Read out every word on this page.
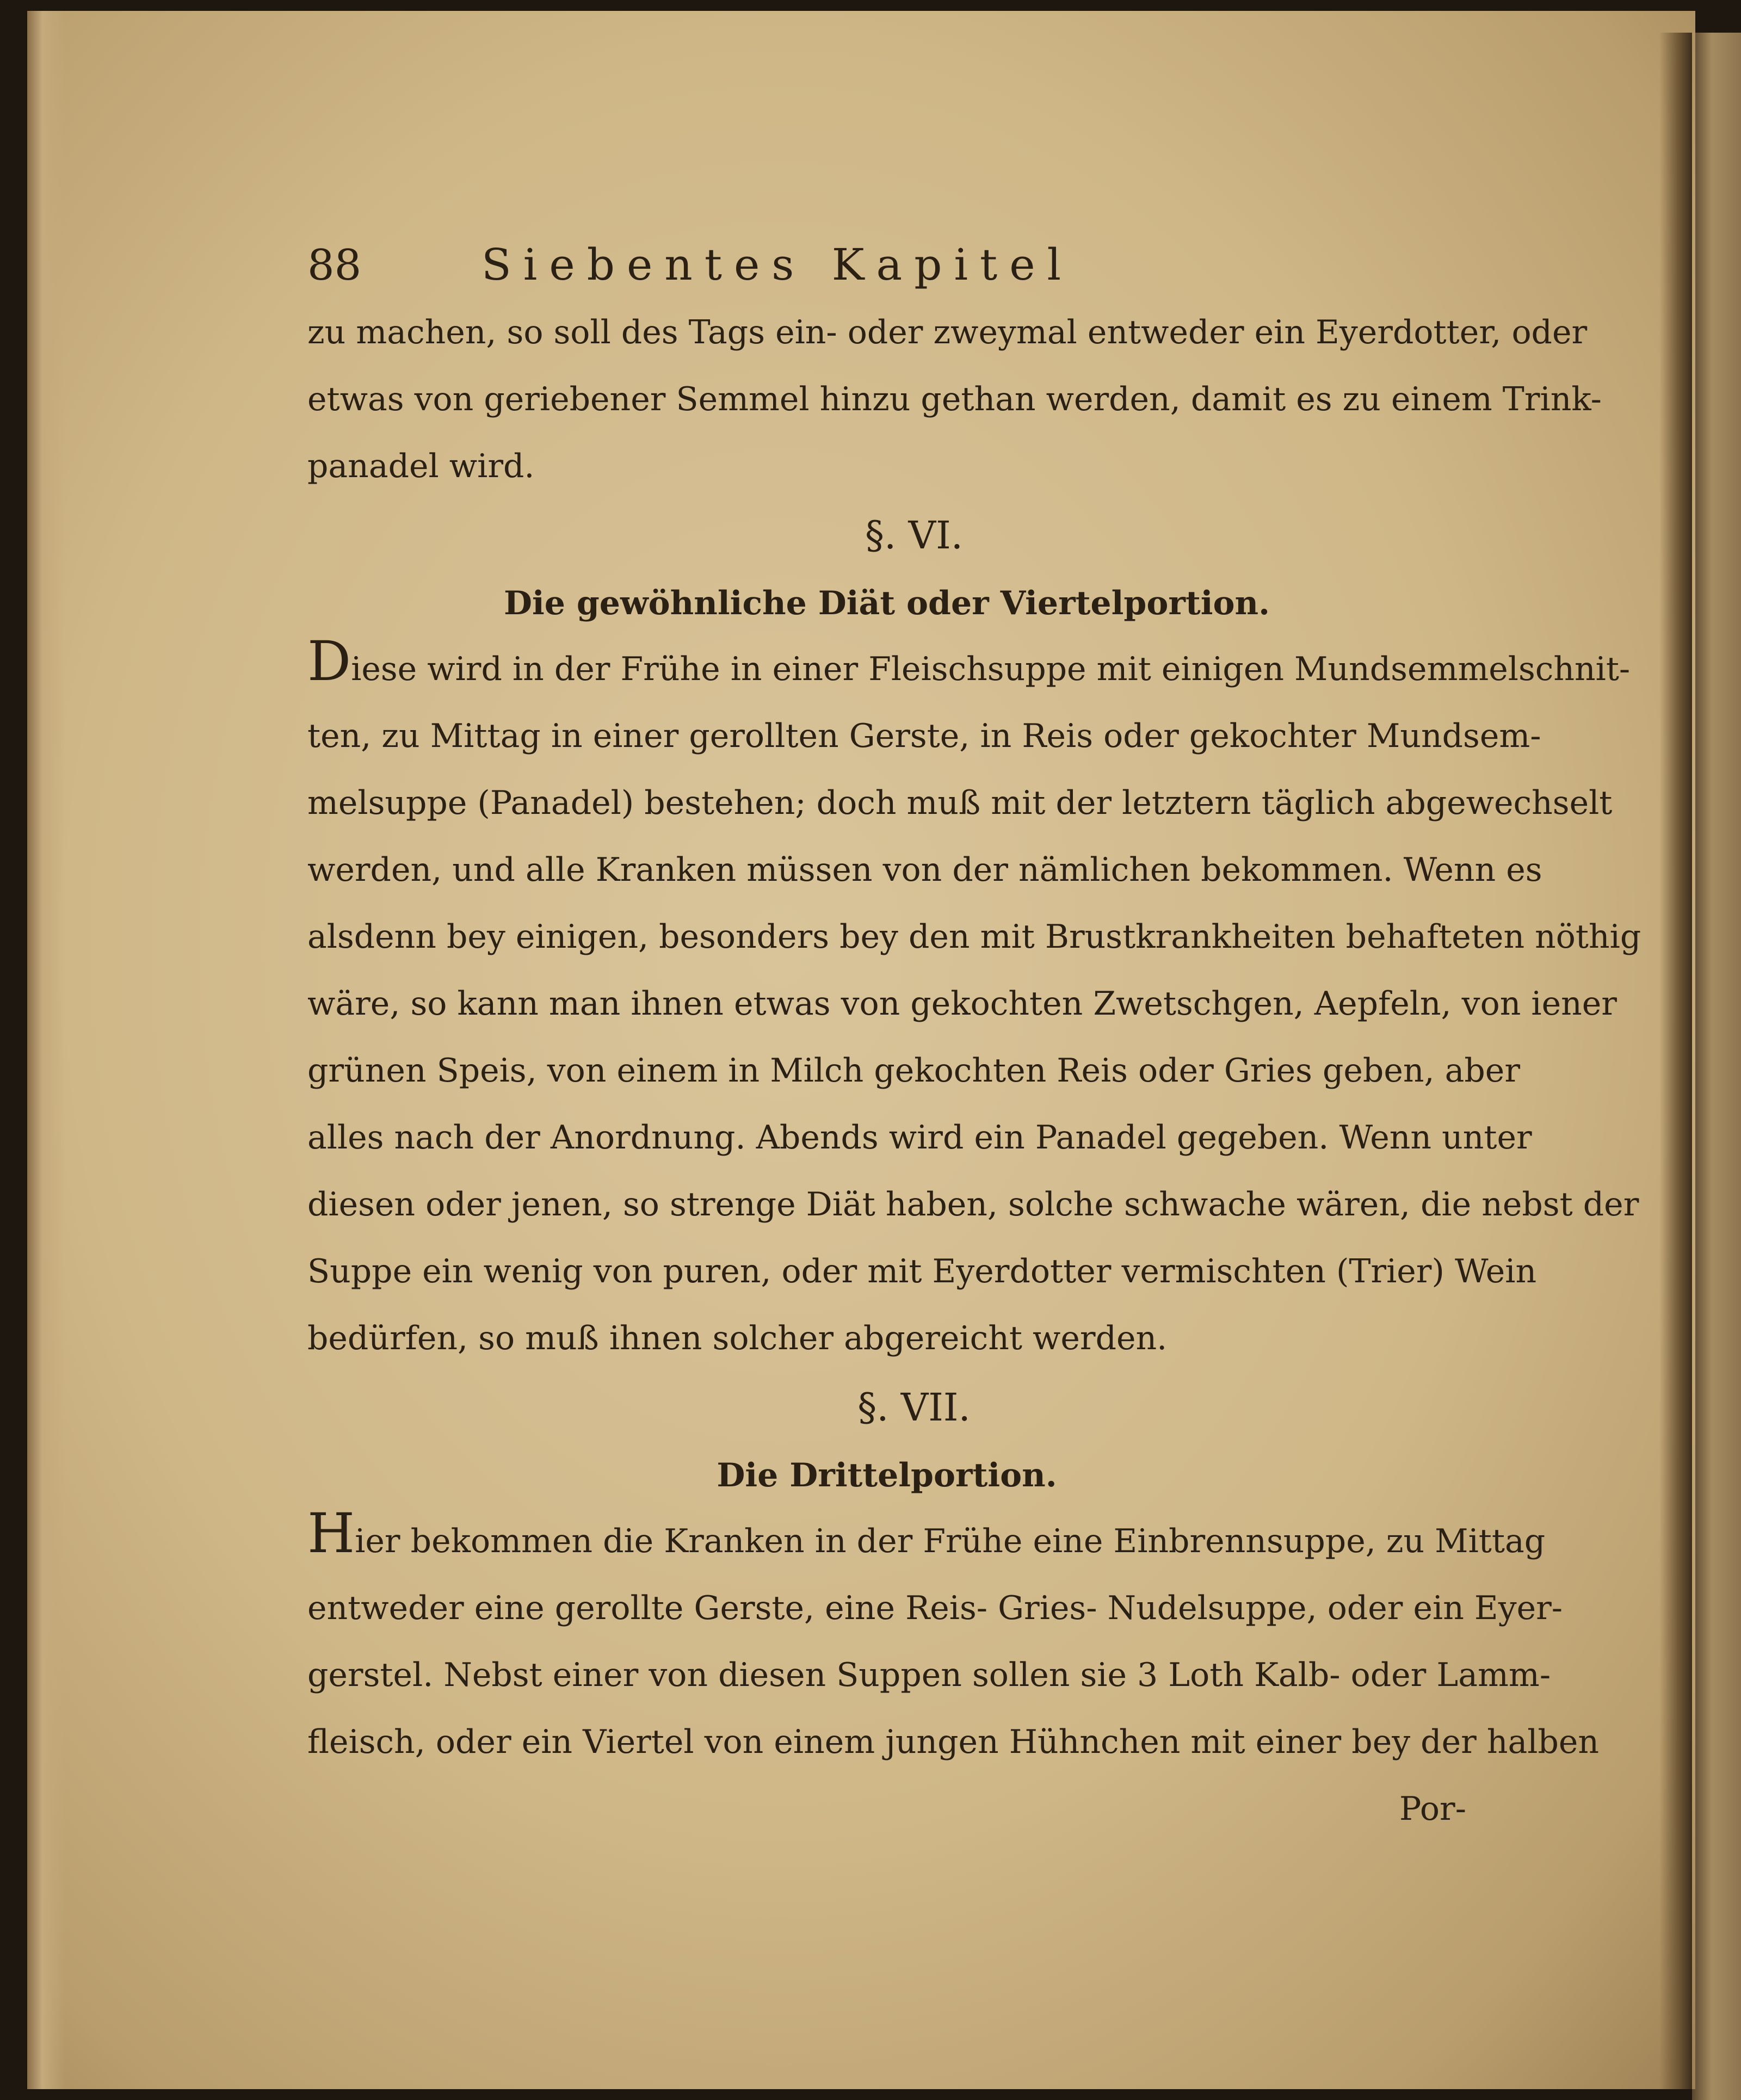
88	Siebentes Kapitel
zu machen, so soll des Tags ein- oder zweymal entweder ein Eyerdotter, oder
etwas von geriebener Semmel hinzu gethan werden, damit es zu einem Trink-
panadel wird.
§. VI.
Die gewöhnliche Diät oder Viertelportion.
Diese wird in der Frühe in einer Fleischsuppe mit einigen Mundsemmelschnit-
ten, zu Mittag in einer gerollten Gerste, in Reis oder gekochter Mundsem-
melsuppe (Panadel) bestehen; doch muß mit der letztern täglich abgewechselt
werden, und alle Kranken müssen von der nämlichen bekommen. Wenn es
alsdenn bey einigen, besonders bey den mit Brustkrankheiten behafteten nöthig
wäre, so kann man ihnen etwas von gekochten Zwetschgen, Aepfeln, von iener
grünen Speis, von einem in Milch gekochten Reis oder Gries geben, aber
alles nach der Anordnung. Abends wird ein Panadel gegeben. Wenn unter
diesen oder jenen, so strenge Diät haben, solche schwache wären, die nebst der
Suppe ein wenig von puren, oder mit Eyerdotter vermischten (Trier) Wein
bedürfen, so muß ihnen solcher abgereicht werden.
§. VII.
Die Drittelportion.
Hier bekommen die Kranken in der Frühe eine Einbrennsuppe, zu Mittag
entweder eine gerollte Gerste, eine Reis- Gries- Nudelsuppe, oder ein Eyer-
gerstel. Nebst einer von diesen Suppen sollen sie 3 Loth Kalb- oder Lamm-
fleisch, oder ein Viertel von einem jungen Hühnchen mit einer bey der halben
Por-
